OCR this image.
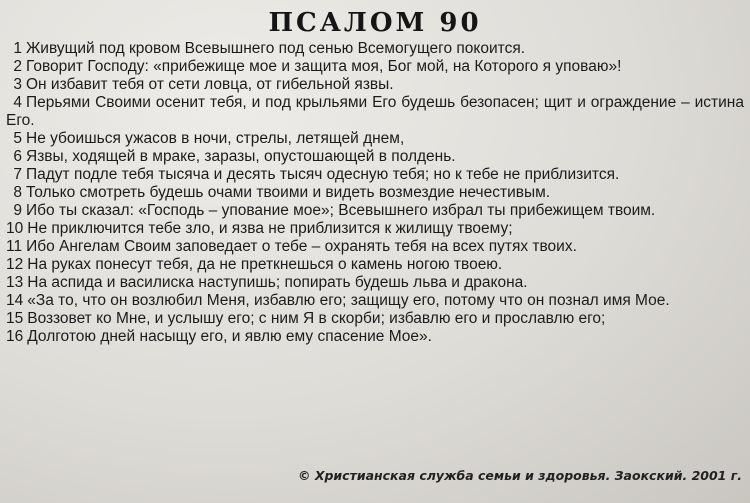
ПСАЛОМ 90

1 Живущий под кровом Всевышнего под сенью Всемогущего покоится.

2 Говорит Господу: «прибежище мое и защита моя, Бог мой, на Которого я уповаю»!

3 Он избавит тебя от сети ловца, от гибельной язвы.

4 Перьями Своими осенит тебя, и под крыльями Его будешь безопасен; щит и ограждение – истина Его.

5 Не убоишься ужасов в ночи, стрелы, летящей днем,

6 Язвы, ходящей в мраке, заразы, опустошающей в полдень.

7 Падут подле тебя тысяча и десять тысяч одесную тебя; но к тебе не приблизится.

8 Только смотреть будешь очами твоими и видеть возмездие нечестивым.

9 Ибо ты сказал: «Господь – упование мое»; Всевышнего избрал ты прибежищем твоим.

10 Не приключится тебе зло, и язва не приблизится к жилищу твоему;

11 Ибо Ангелам Своим заповедает о тебе – охранять тебя на всех путях твоих.

12 На руках понесут тебя, да не преткнешься о камень ногою твоею.

13 На аспида и василиска наступишь; попирать будешь льва и дракона.

14 «За то, что он возлюбил Меня, избавлю его; защищу его, потому что он познал имя Мое.

15 Воззовет ко Мне, и услышу его; с ним Я в скорби; избавлю его и прославлю его;

16 Долготою дней насыщу его, и явлю ему спасение Мое».

© Христианская служба семьи и здоровья. Заокский. 2001 г.
